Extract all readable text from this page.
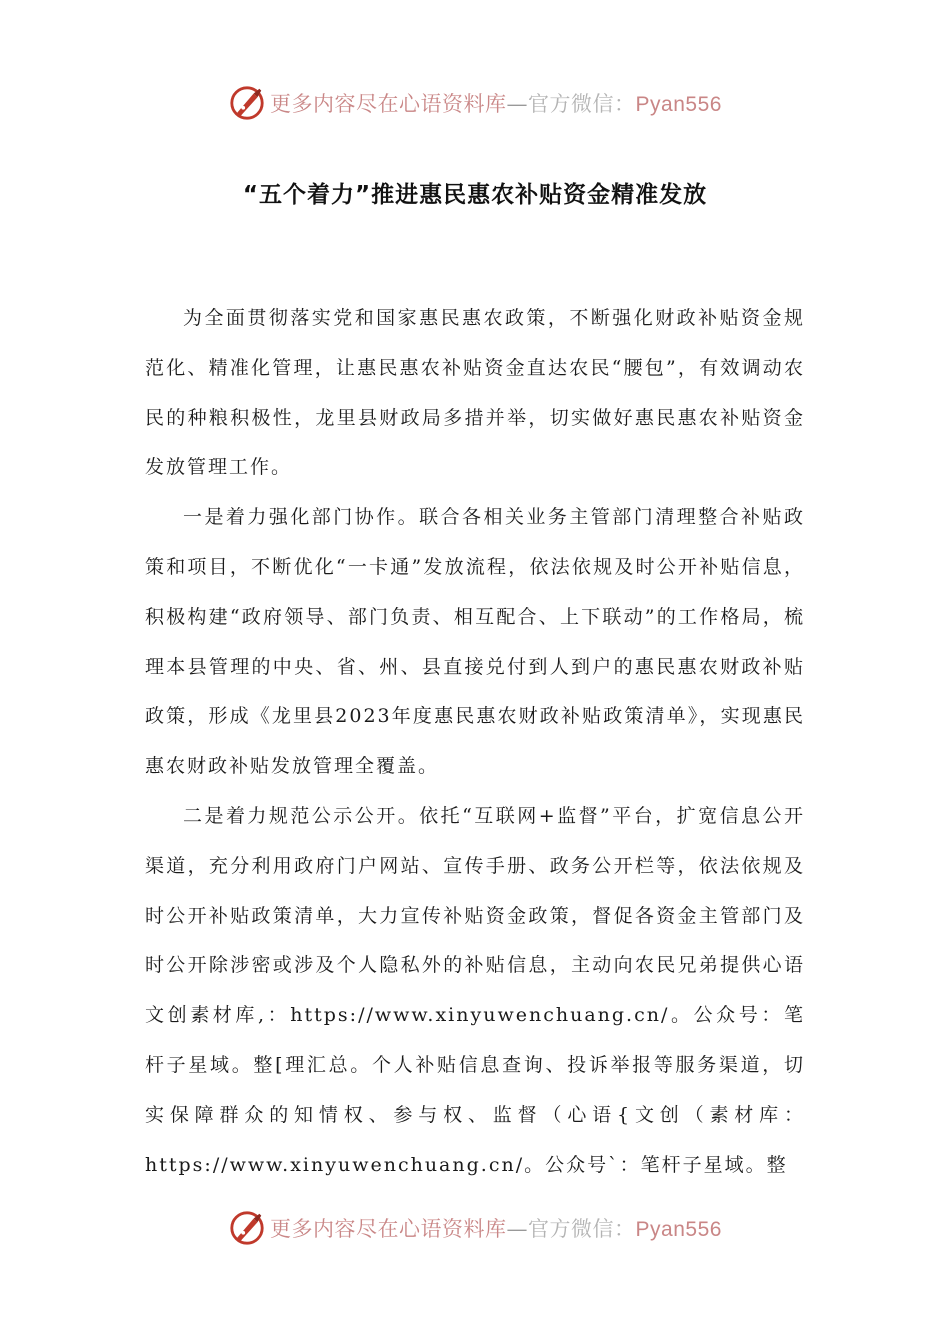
更多内容尽在心语资料库—官方微信：Pyan556
“五个着力”推进惠民惠农补贴资金精准发放

为全面贯彻落实党和国家惠民惠农政策，不断强化财政补贴资金规范化、精准化管理，让惠民惠农补贴资金直达农民“腰包”，有效调动农民的种粮积极性，龙里县财政局多措并举，切实做好惠民惠农补贴资金发放管理工作。

一是着力强化部门协作。联合各相关业务主管部门清理整合补贴政策和项目，不断优化“一卡通”发放流程，依法依规及时公开补贴信息，积极构建“政府领导、部门负责、相互配合、上下联动”的工作格局，梳理本县管理的中央、省、州、县直接兑付到人到户的惠民惠农财政补贴政策，形成《龙里县2023年度惠民惠农财政补贴政策清单》，实现惠民惠农财政补贴发放管理全覆盖。

二是着力规范公示公开。依托“互联网+监督”平台，扩宽信息公开渠道，充分利用政府门户网站、宣传手册、政务公开栏等，依法依规及时公开补贴政策清单，大力宣传补贴资金政策，督促各资金主管部门及时公开除涉密或涉及个人隐私外的补贴信息，主动向农民兄弟提供心语文创素材库,：https://www.xinyuwenchuang.cn/。公众号：笔杆子星域。整[理汇总。个人补贴信息查询、投诉举报等服务渠道，切实保障群众的知情权、参与权、监督（心语{文创（素材库：https://www.xinyuwenchuang.cn/。公众号`：笔杆子星域。整

更多内容尽在心语资料库—官方微信：Pyan556
